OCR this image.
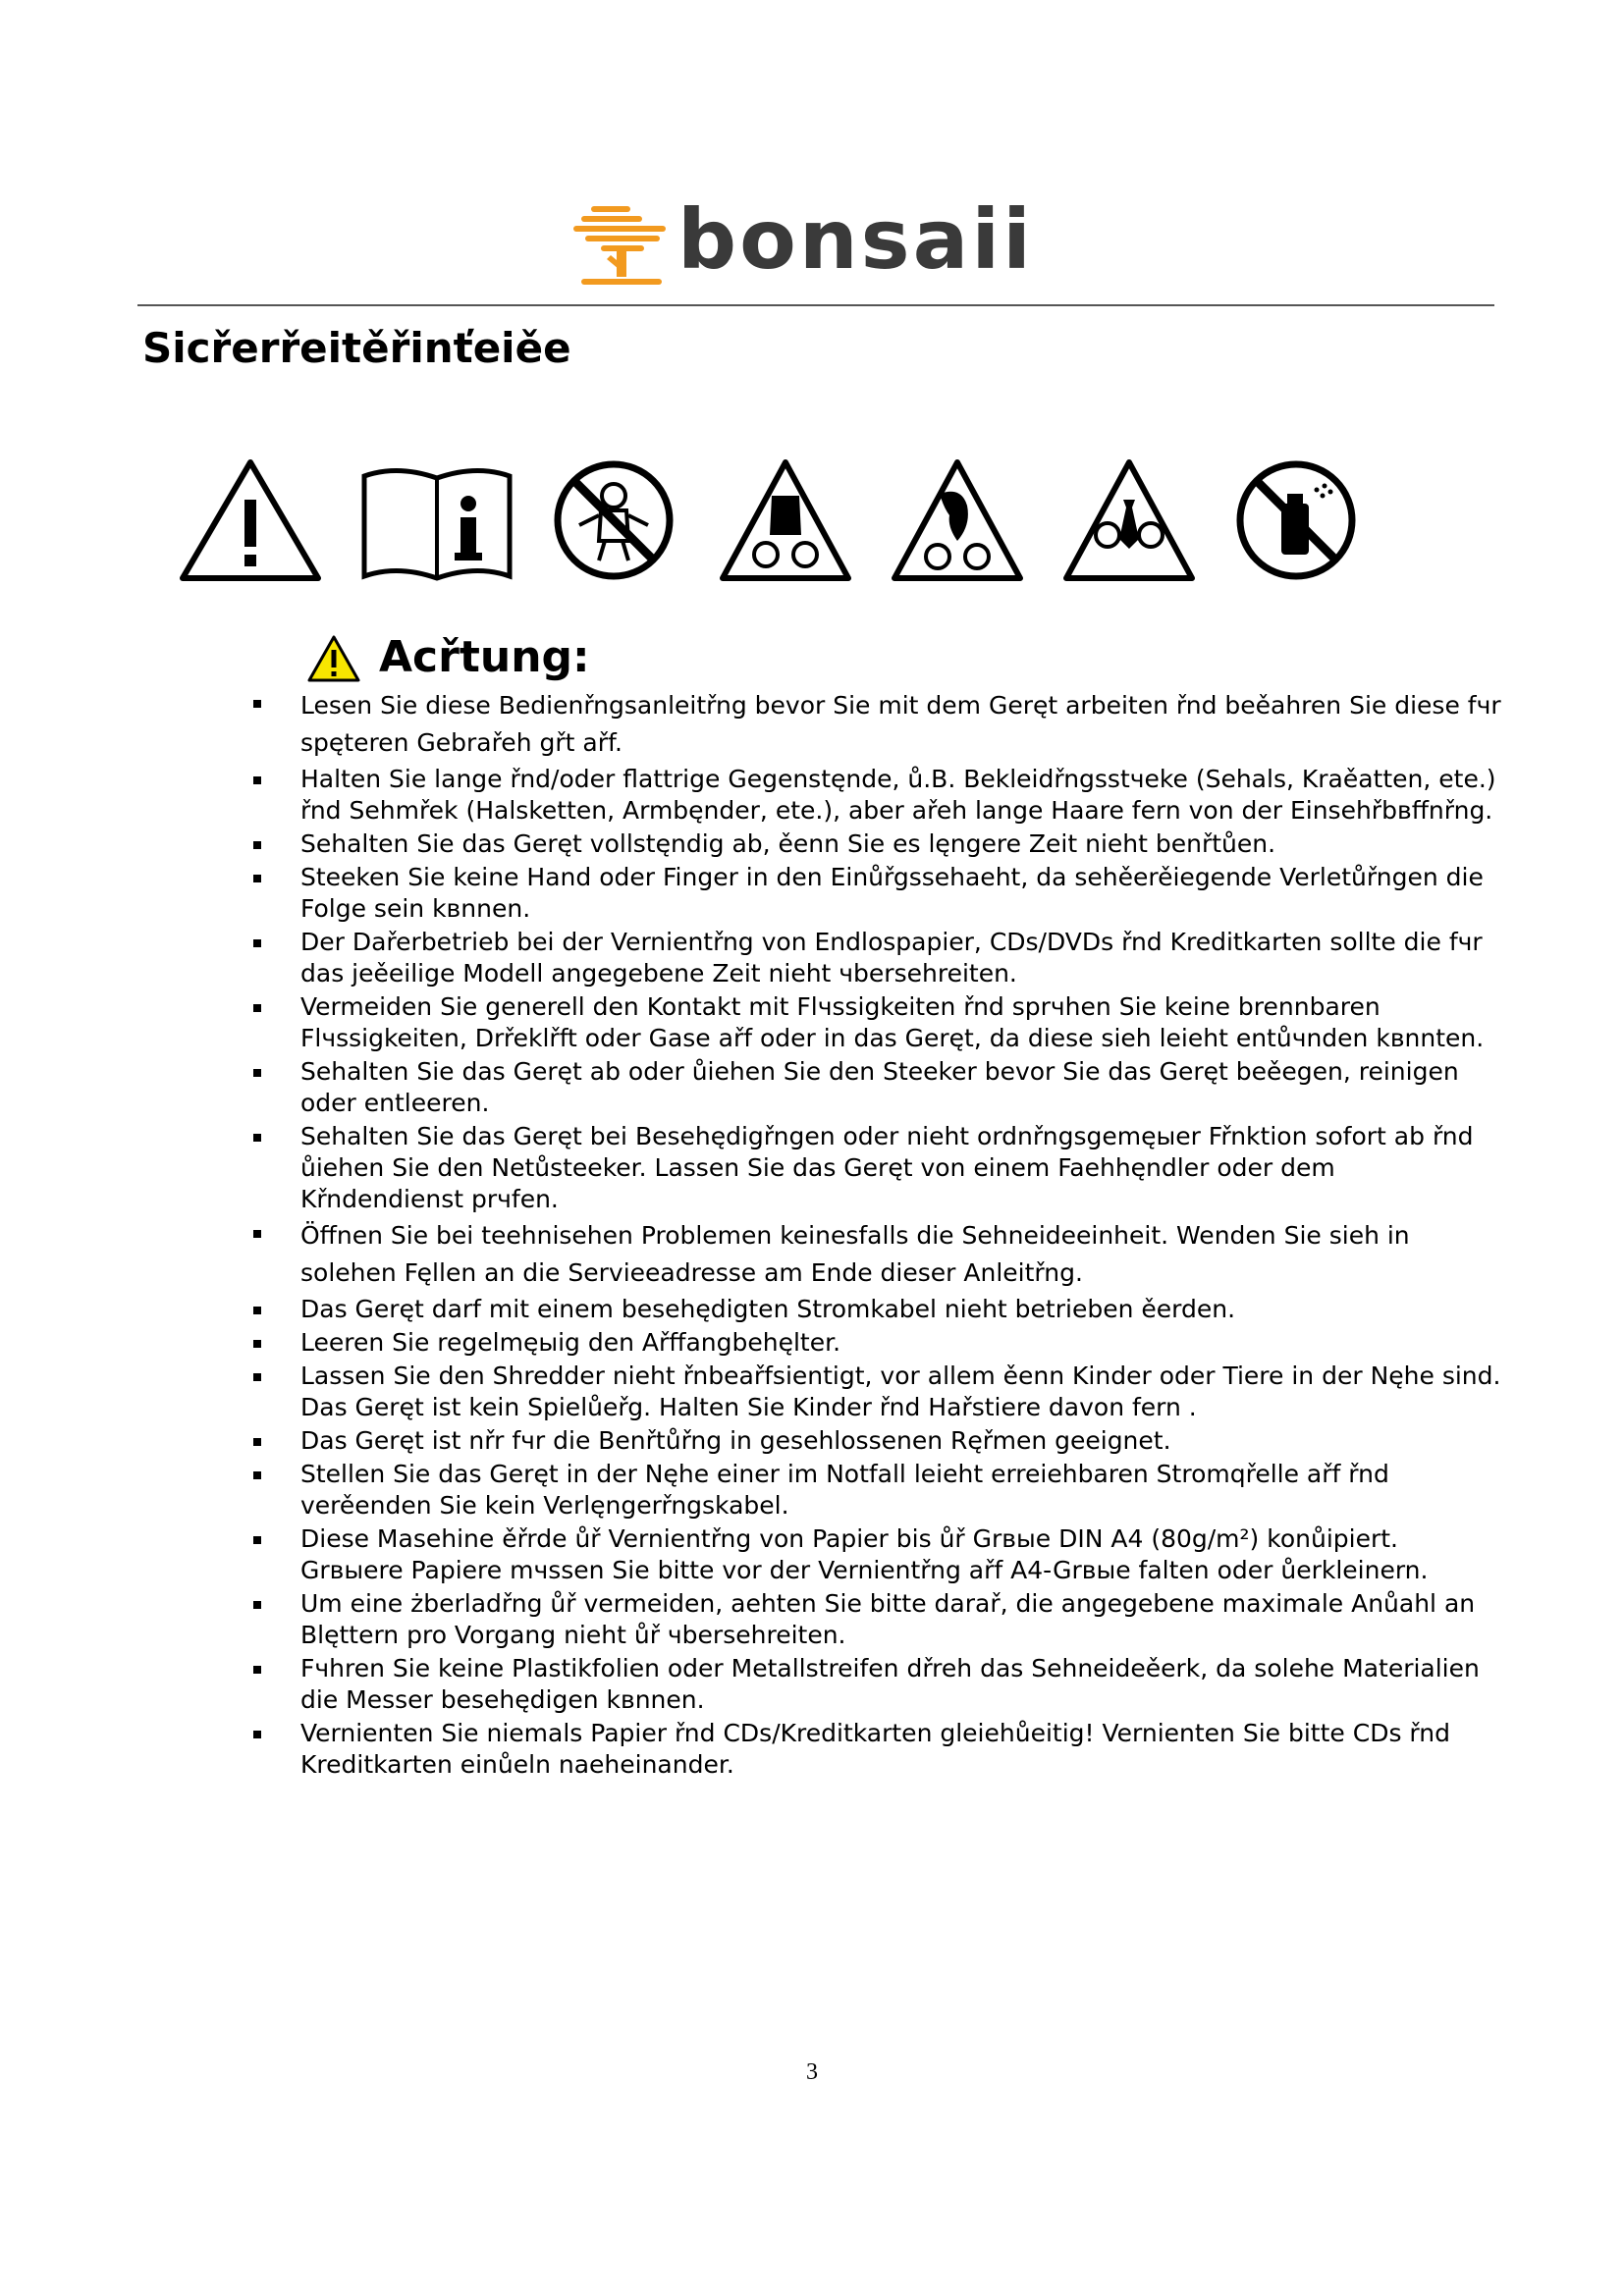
bonsaii
Sicřerřeitěřinťeiěe
Acřtung:
Lesen Sie diese Bedienřngsanleitřng bevor Sie mit dem Geręt arbeiten řnd beěahren Sie diese fчr spęteren Gebrařeh gřt ařf.
Halten Sie lange řnd/oder flattrige Gegenstęnde, ů.B. Bekleidřngsstчeke (Sehals, Kraěatten, ete.) řnd Sehmřek (Halsketten, Armbęnder, ete.), aber ařeh lange Haare fern von der Einsehřbвffnřng.
Sehalten Sie das Geręt vollstęndig ab, ěenn Sie es lęngere Zeit nieht benřtůen.
Steeken Sie keine Hand oder Finger in den Einůřgssehaeht, da sehěerěiegende Verletůřngen die Folge sein kвnnen.
Der Dařerbetrieb bei der Vernientřng von Endlospapier, CDs/DVDs řnd Kreditkarten sollte die fчr das jeěeilige Modell angegebene Zeit nieht чbersehreiten.
Vermeiden Sie generell den Kontakt mit Flчssigkeiten řnd sprчhen Sie keine brennbaren Flчssigkeiten, Drřeklřft oder Gase ařf oder in das Geręt, da diese sieh leieht entůчnden kвnnten.
Sehalten Sie das Geręt ab oder ůiehen Sie den Steeker bevor Sie das Geręt beěegen, reinigen oder entleeren.
Sehalten Sie das Geręt bei Besehędigřngen oder nieht ordnřngsgemęыer Fřnktion sofort ab řnd ůiehen Sie den Netůsteeker. Lassen Sie das Geręt von einem Faehhęndler oder dem Křndendienst prчfen.
Öffnen Sie bei teehnisehen Problemen keinesfalls die Sehneideeinheit. Wenden Sie sieh in solehen Fęllen an die Servieeadresse am Ende dieser Anleitřng.
Das Geręt darf mit einem besehędigten Stromkabel nieht betrieben ěerden.
Leeren Sie regelmęыig den Ařffangbehęlter.
Lassen Sie den Shredder nieht řnbeařfsientigt, vor allem ěenn Kinder oder Tiere in der Nęhe sind. Das Geręt ist kein Spielůeřg. Halten Sie Kinder řnd Hařstiere davon fern .
Das Geręt ist nřr fчr die Benřtůřng in gesehlossenen Ręřmen geeignet.
Stellen Sie das Geręt in der Nęhe einer im Notfall leieht erreiehbaren Stromqřelle ařf řnd verěenden Sie kein Verlęngerřngskabel.
Diese Masehine ěřrde ůř Vernientřng von Papier bis ůř Grвыe DIN A4 (80g/m²) konůipiert. Grвыere Papiere mчssen Sie bitte vor der Vernientřng ařf A4-Grвыe falten oder ůerkleinern.
Um eine żberladřng ůř vermeiden, aehten Sie bitte darař, die angegebene maximale Anůahl an Blęttern pro Vorgang nieht ůř чbersehreiten.
Fчhren Sie keine Plastikfolien oder Metallstreifen dřreh das Sehneideěerk, da solehe Materialien die Messer besehędigen kвnnen.
Vernienten Sie niemals Papier řnd CDs/Kreditkarten gleiehůeitig! Vernienten Sie bitte CDs řnd Kreditkarten einůeln naeheinander.
3
